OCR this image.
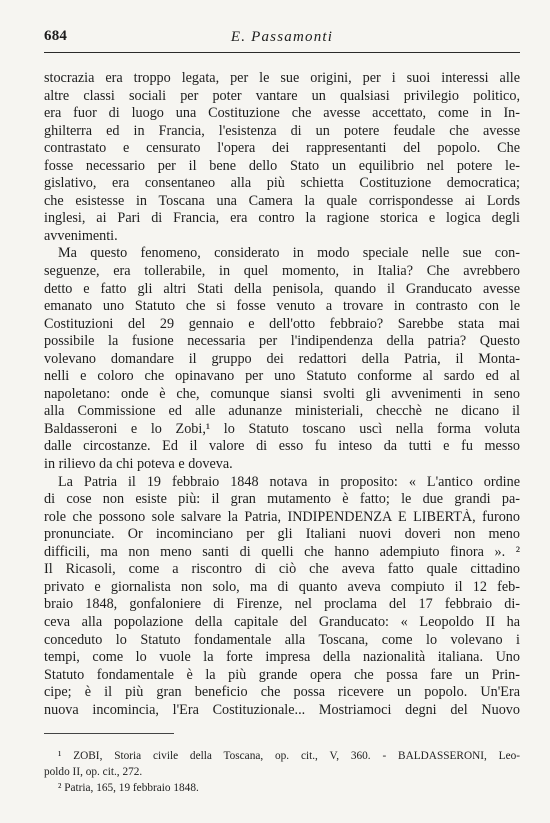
684	E. Passamonti
stocrazia era troppo legata, per le sue origini, per i suoi interessi alle
altre classi sociali per poter vantare un qualsiasi privilegio politico,
era fuor di luogo una Costituzione che avesse accettato, come in In-
ghilterra ed in Francia, l'esistenza di un potere feudale che avesse
contrastato e censurato l'opera dei rappresentanti del popolo. Che
fosse necessario per il bene dello Stato un equilibrio nel potere le-
gislativo, era consentaneo alla più schietta Costituzione democratica;
che esistesse in Toscana una Camera la quale corrispondesse ai Lords
inglesi, ai Pari di Francia, era contro la ragione storica e logica degli
avvenimenti.
Ma questo fenomeno, considerato in modo speciale nelle sue con-
seguenze, era tollerabile, in quel momento, in Italia? Che avrebbero
detto e fatto gli altri Stati della penisola, quando il Granducato avesse
emanato uno Statuto che si fosse venuto a trovare in contrasto con le
Costituzioni del 29 gennaio e dell'otto febbraio? Sarebbe stata mai
possibile la fusione necessaria per l'indipendenza della patria? Questo
volevano domandare il gruppo dei redattori della Patria, il Monta-
nelli e coloro che opinavano per uno Statuto conforme al sardo ed al
napoletano: onde è che, comunque siansi svolti gli avvenimenti in seno
alla Commissione ed alle adunanze ministeriali, checchè ne dicano il
Baldasseroni e lo Zobi,¹ lo Statuto toscano uscì nella forma voluta
dalle circostanze. Ed il valore di esso fu inteso da tutti e fu messo
in rilievo da chi poteva e doveva.
La Patria il 19 febbraio 1848 notava in proposito: « L'antico ordine
di cose non esiste più: il gran mutamento è fatto; le due grandi pa-
role che possono sole salvare la Patria, INDIPENDENZA E LIBERTÀ, furono
pronunciate. Or incominciano per gli Italiani nuovi doveri non meno
difficili, ma non meno santi di quelli che hanno adempiuto finora ». ²
Il Ricasoli, come a riscontro di ciò che aveva fatto quale cittadino
privato e giornalista non solo, ma di quanto aveva compiuto il 12 feb-
braio 1848, gonfaloniere di Firenze, nel proclama del 17 febbraio di-
ceva alla popolazione della capitale del Granducato: « Leopoldo II ha
conceduto lo Statuto fondamentale alla Toscana, come lo volevano i
tempi, come lo vuole la forte impresa della nazionalità italiana. Uno
Statuto fondamentale è la più grande opera che possa fare un Prin-
cipe; è il più gran beneficio che possa ricevere un popolo. Un'Era
nuova incomincia, l'Era Costituzionale... Mostriamoci degni del Nuovo
¹ ZOBI, Storia civile della Toscana, op. cit., V, 360. - BALDASSERONI, Leo-
poldo II, op. cit., 272.
² Patria, 165, 19 febbraio 1848.
